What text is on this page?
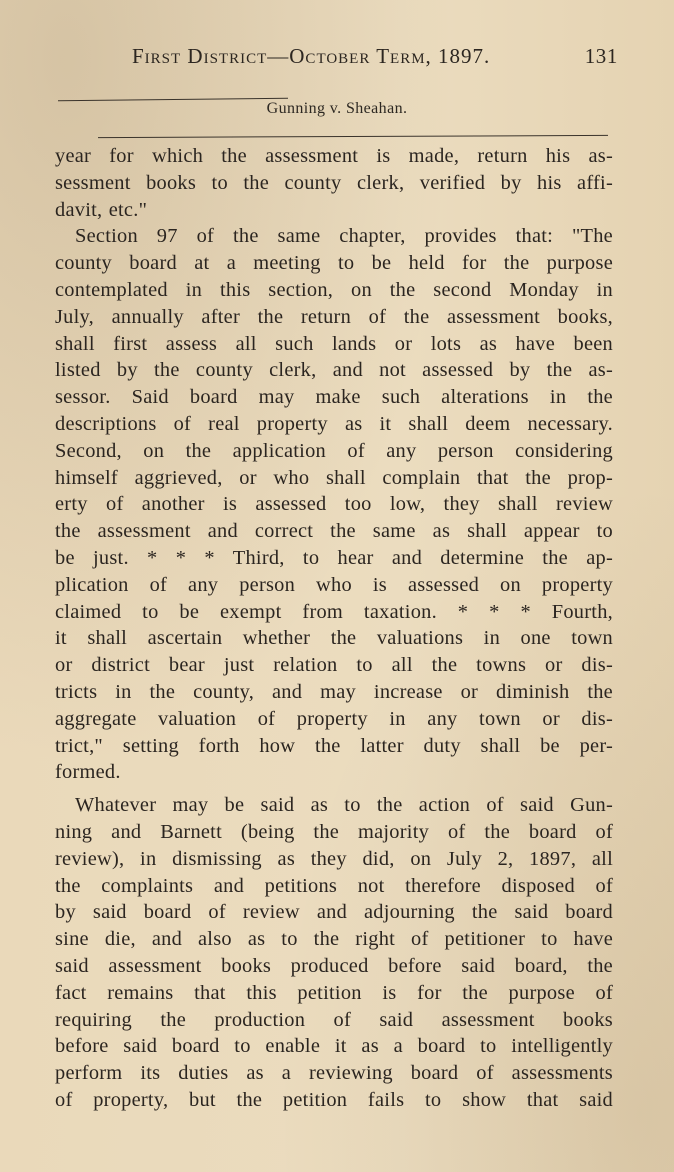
First District—October Term, 1897.	131
Gunning v. Sheahan.
year for which the assessment is made, return his as-
sessment books to the county clerk, verified by his affi-
davit, etc."
Section 97 of the same chapter, provides that: "The
county board at a meeting to be held for the purpose
contemplated in this section, on the second Monday in
July, annually after the return of the assessment books,
shall first assess all such lands or lots as have been
listed by the county clerk, and not assessed by the as-
sessor. Said board may make such alterations in the
descriptions of real property as it shall deem necessary.
Second, on the application of any person considering
himself aggrieved, or who shall complain that the prop-
erty of another is assessed too low, they shall review
the assessment and correct the same as shall appear to
be just. * * * Third, to hear and determine the ap-
plication of any person who is assessed on property
claimed to be exempt from taxation. * * * Fourth,
it shall ascertain whether the valuations in one town
or district bear just relation to all the towns or dis-
tricts in the county, and may increase or diminish the
aggregate valuation of property in any town or dis-
trict," setting forth how the latter duty shall be per-
formed.
Whatever may be said as to the action of said Gun-
ning and Barnett (being the majority of the board of
review), in dismissing as they did, on July 2, 1897, all
the complaints and petitions not therefore disposed of
by said board of review and adjourning the said board
sine die, and also as to the right of petitioner to have
said assessment books produced before said board, the
fact remains that this petition is for the purpose of
requiring the production of said assessment books
before said board to enable it as a board to intelligently
perform its duties as a reviewing board of assessments
of property, but the petition fails to show that said
